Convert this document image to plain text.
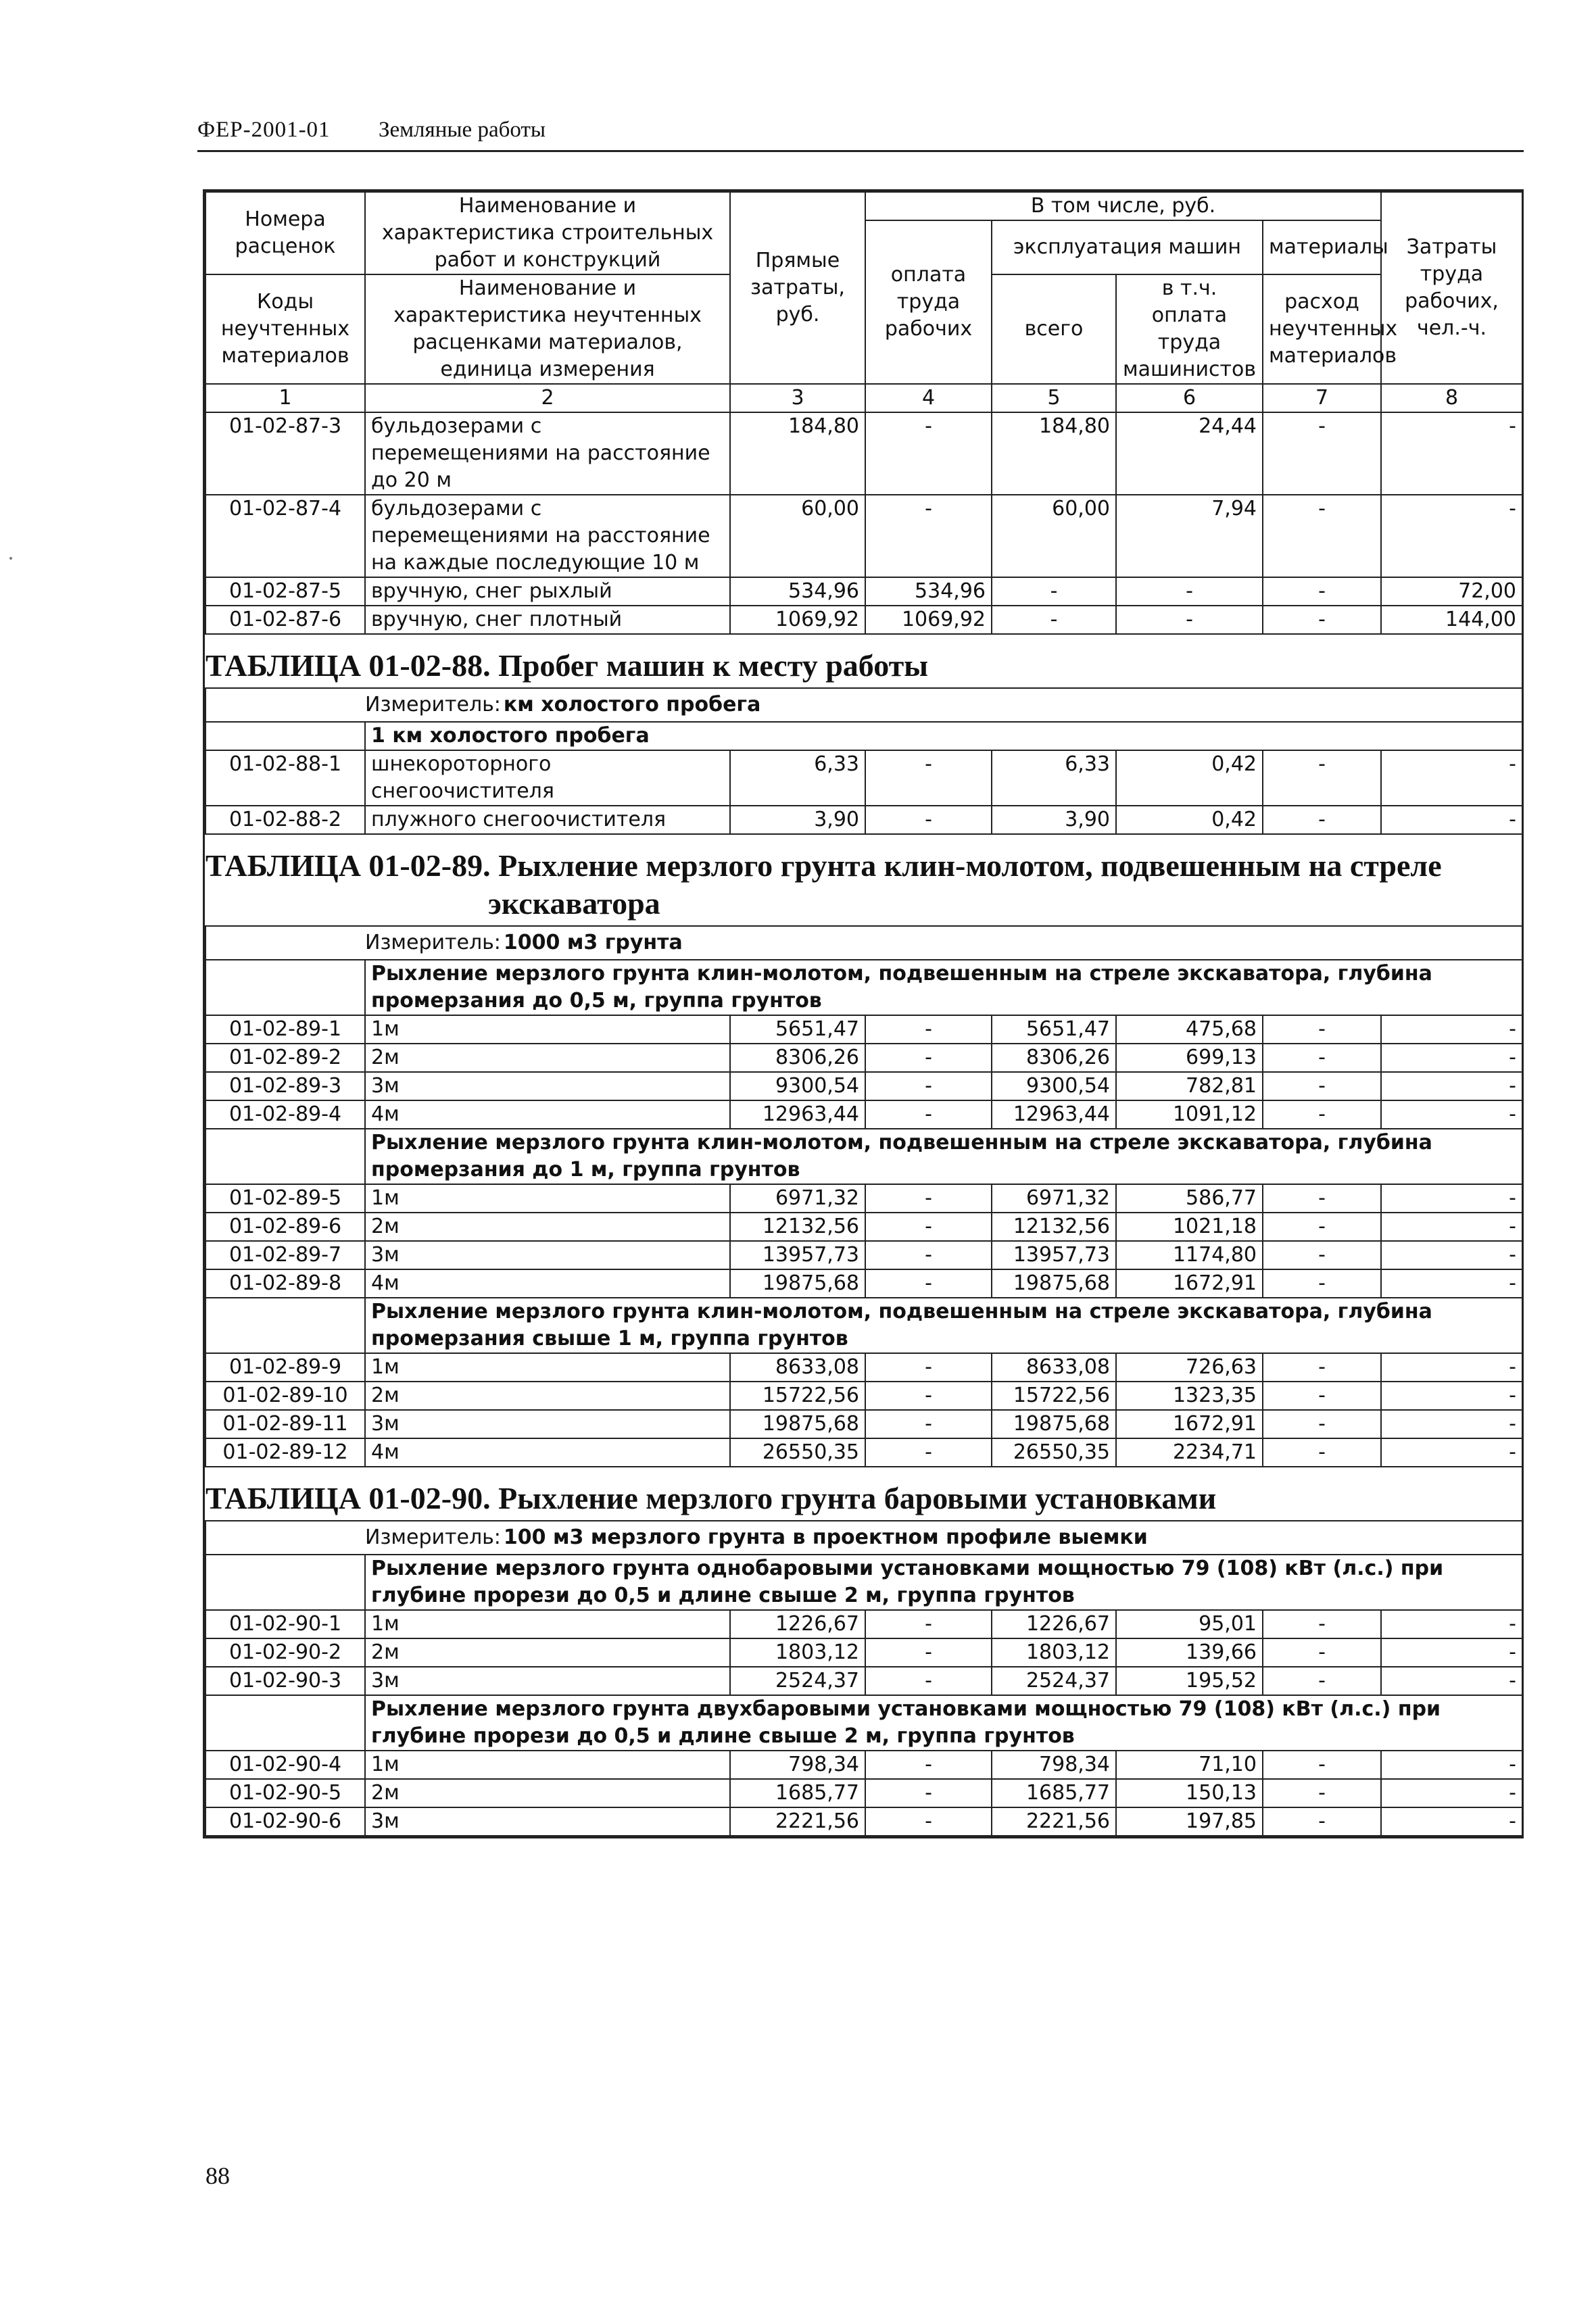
ФЕР-2001-01 Земляные работы
Номера расценок	Наименование и характеристика строительных работ и конструкций	Прямые затраты, руб.	В том числе, руб.				Затраты труда рабочих, чел.-ч.
			оплата труда рабочих	эксплуатация машин		материалы	
Коды неучтенных материалов	Наименование и характеристика неучтенных расценками материалов, единица измерения			всего	в т.ч. оплата труда машинистов	расход неучтенных материалов	

1	2	3	4	5	6	7	8
01-02-87-3	бульдозерами с перемещениями на расстояние до 20 м	184,80	-	184,80	24,44	-	-
01-02-87-4	бульдозерами с перемещениями на расстояние на каждые последующие 10 м	60,00	-	60,00	7,94	-	-
01-02-87-5	вручную, снег рыхлый	534,96	534,96	-	-	-	72,00
01-02-87-6	вручную, снег плотный	1069,92	1069,92	-	-	-	144,00

ТАБЛИЦА 01-02-88. Пробег машин к месту работы							

	Измеритель: км холостого пробега						
	1 км холостого пробега						
01-02-88-1	шнекороторного снегоочистителя	6,33	-	6,33	0,42	-	-
01-02-88-2	плужного снегоочистителя	3,90	-	3,90	0,42	-	-

ТАБЛИЦА 01-02-89. Рыхление мерзлого грунта клин-молотом, подвешенным на стреле
экскаватора							

	Измеритель: 1000 м3 грунта						
	Рыхление мерзлого грунта клин-молотом, подвешенным на стреле экскаватора, глубина промерзания до 0,5 м, группа грунтов						
01-02-89-1	1м	5651,47	-	5651,47	475,68	-	-
01-02-89-2	2м	8306,26	-	8306,26	699,13	-	-
01-02-89-3	3м	9300,54	-	9300,54	782,81	-	-
01-02-89-4	4м	12963,44	-	12963,44	1091,12	-	-
	Рыхление мерзлого грунта клин-молотом, подвешенным на стреле экскаватора, глубина промерзания до 1 м, группа грунтов						
01-02-89-5	1м	6971,32	-	6971,32	586,77	-	-
01-02-89-6	2м	12132,56	-	12132,56	1021,18	-	-
01-02-89-7	3м	13957,73	-	13957,73	1174,80	-	-
01-02-89-8	4м	19875,68	-	19875,68	1672,91	-	-
	Рыхление мерзлого грунта клин-молотом, подвешенным на стреле экскаватора, глубина промерзания свыше 1 м, группа грунтов						
01-02-89-9	1м	8633,08	-	8633,08	726,63	-	-
01-02-89-10	2м	15722,56	-	15722,56	1323,35	-	-
01-02-89-11	3м	19875,68	-	19875,68	1672,91	-	-
01-02-89-12	4м	26550,35	-	26550,35	2234,71	-	-

ТАБЛИЦА 01-02-90. Рыхление мерзлого грунта баровыми установками							

	Измеритель: 100 м3 мерзлого грунта в проектном профиле выемки						
	Рыхление мерзлого грунта однобаровыми установками мощностью 79 (108) кВт (л.с.) при глубине прорези до 0,5 и длине свыше 2 м, группа грунтов						
01-02-90-1	1м	1226,67	-	1226,67	95,01	-	-
01-02-90-2	2м	1803,12	-	1803,12	139,66	-	-
01-02-90-3	3м	2524,37	-	2524,37	195,52	-	-
	Рыхление мерзлого грунта двухбаровыми установками мощностью 79 (108) кВт (л.с.) при глубине прорези до 0,5 и длине свыше 2 м, группа грунтов						
01-02-90-4	1м	798,34	-	798,34	71,10	-	-
01-02-90-5	2м	1685,77	-	1685,77	150,13	-	-
01-02-90-6	3м	2221,56	-	2221,56	197,85	-	-
88
